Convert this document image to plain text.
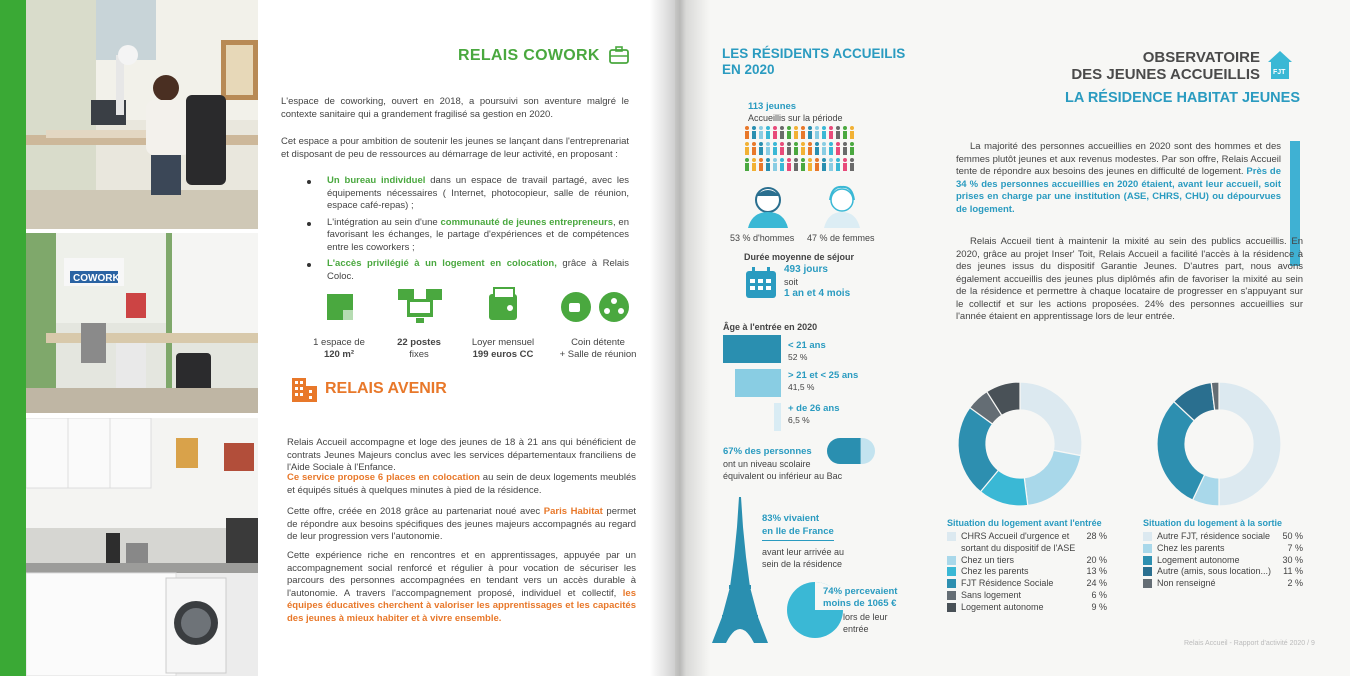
COWORK
RELAIS COWORK
L'espace de coworking, ouvert en 2018, a poursuivi son aventure malgré le contexte sanitaire qui a grandement fragilisé sa gestion en 2020.
Cet espace a pour ambition de soutenir les jeunes se lançant dans l'entreprenariat et disposant de peu de ressources au démarrage de leur activité, en proposant :
Un bureau individuel dans un espace de travail partagé, avec les équipements nécessaires ( Internet, photocopieur, salle de réunion, espace café-repas) ;
L'intégration au sein d'une communauté de jeunes entrepreneurs, en favorisant les échanges, le partage d'expériences et de compétences entre les coworkers ;
L'accès privilégié à un logement en colocation, grâce à Relais Coloc.
1 espace de
120 m²
22 postes
fixes
Loyer mensuel
199 euros CC
Coin détente
+ Salle de réunion
RELAIS AVENIR
Relais Accueil accompagne et loge des jeunes de 18 à 21 ans qui bénéficient de contrats Jeunes Majeurs conclus avec les services départementaux franciliens de l'Aide Sociale à l'Enfance.
Ce service propose 6 places en colocation au sein de deux logements meublés et équipés situés à quelques minutes à pied de la résidence.
Cette offre, créée en 2018 grâce au partenariat noué avec Paris Habitat permet de répondre aux besoins spécifiques des jeunes majeurs accompagnés au regard de leur progression vers l'autonomie.
Cette expérience riche en rencontres et en apprentissages, appuyée par un accompagnement social renforcé et régulier à pour vocation de sécuriser les parcours des personnes accompagnées en tendant vers un accès durable à l'autonomie. A travers l'accompagnement proposé, individuel et collectif, les équipes éducatives cherchent à valoriser les apprentissages et les capacités des jeunes à mieux habiter et à vivre ensemble.
LES RÉSIDENTS ACCUEILIS
EN 2020
113 jeunes
Accueillis sur la période
53 % d'hommes 47 % de femmes
Durée moyenne de séjour
493 jours
soit
1 an et 4 mois
Âge à l'entrée en 2020
< 21 ans
52 %
> 21 et < 25 ans
41,5 %
+ de 26 ans
6,5 %
67% des personnes
ont un niveau scolaire
équivalent ou inférieur au Bac
83% vivaient
en Ile de France
avant leur arrivée au
sein de la résidence
74% percevaient
moins de 1065 €
lors de leur
entrée
OBSERVATOIRE
DES JEUNES ACCUEILLIS FJT
LA RÉSIDENCE HABITAT JEUNES
La majorité des personnes accueillies en 2020 sont des hommes et des femmes plutôt jeunes et aux revenus modestes. Par son offre, Relais Accueil tente de répondre aux besoins des jeunes en difficulté de logement. Près de 34 % des personnes accueillies en 2020 étaient, avant leur accueil, soit prises en charge par une institution (ASE, CHRS, CHU) ou dépourvues de logement.
Relais Accueil tient à maintenir la mixité au sein des publics accueillis. En 2020, grâce au projet Inser' Toit, Relais Accueil a facilité l'accès à la résidence à des jeunes issus du dispositif Garantie Jeunes. D'autres part, nous avons également accueillis des jeunes plus diplômés afin de favoriser la mixité au sein de la résidence et permettre à chaque locataire de progresser en s'appuyant sur le collectif et sur les actions proposées. 24% des personnes accueillies sur l'année étaient en apprentissage lors de leur entrée.
Situation du logement avant l'entrée	Situation du logement à la sortie
CHRS Accueil d'urgence et sortant du dispositif de l'ASE
28 %
Chez un tiers	20 %
Chez les parents	13 %
FJT Résidence Sociale	24 %
Sans logement	6 %
Logement autonome	9 %
Autre FJT, résidence sociale	50 %
Chez les parents	7 %
Logement autonome	30 %
Autre (amis, sous location...)	11 %
Non renseigné	2 %
Relais Accueil - Rapport d'activité 2020 / 9
